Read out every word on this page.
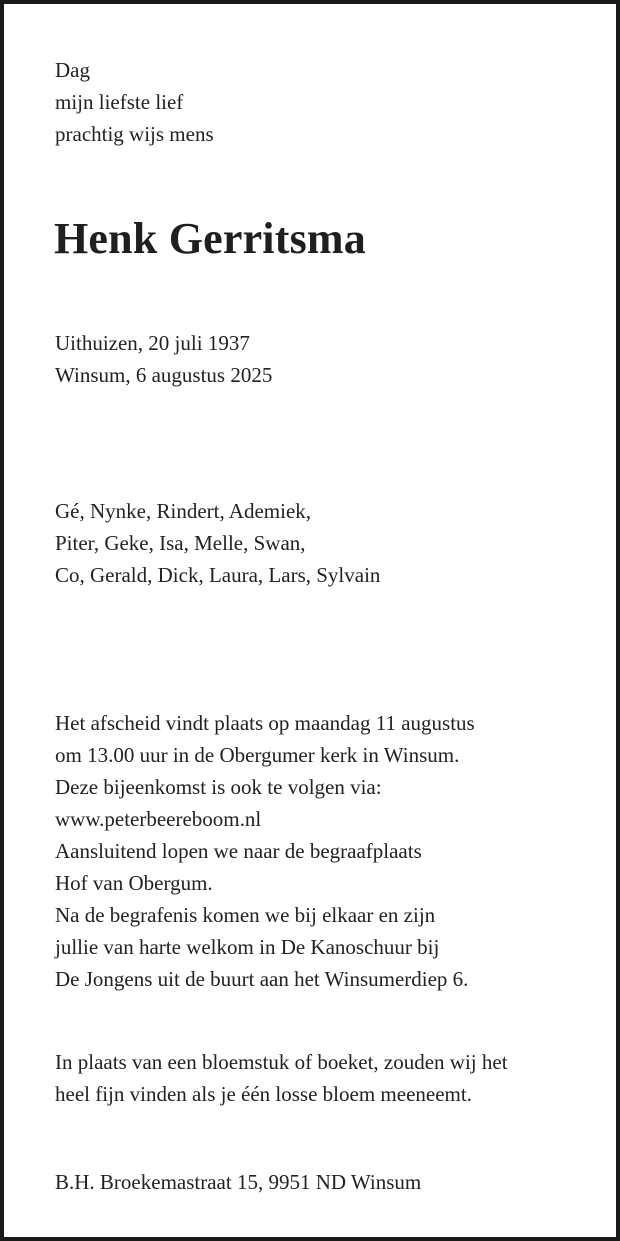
Dag
mijn liefste lief
prachtig wijs mens
Henk Gerritsma
Uithuizen, 20 juli 1937
Winsum, 6 augustus 2025
Gé, Nynke, Rindert, Ademiek,
Piter, Geke, Isa, Melle, Swan,
Co, Gerald, Dick, Laura, Lars, Sylvain
Het afscheid vindt plaats op maandag 11 augustus
om 13.00 uur in de Obergumer kerk in Winsum.
Deze bijeenkomst is ook te volgen via:
www.peterbeereboom.nl
Aansluitend lopen we naar de begraafplaats
Hof van Obergum.
Na de begrafenis komen we bij elkaar en zijn
jullie van harte welkom in De Kanoschuur bij
De Jongens uit de buurt aan het Winsumerdiep 6.
In plaats van een bloemstuk of boeket, zouden wij het
heel fijn vinden als je één losse bloem meeneemt.
B.H. Broekemastraat 15, 9951 ND Winsum
